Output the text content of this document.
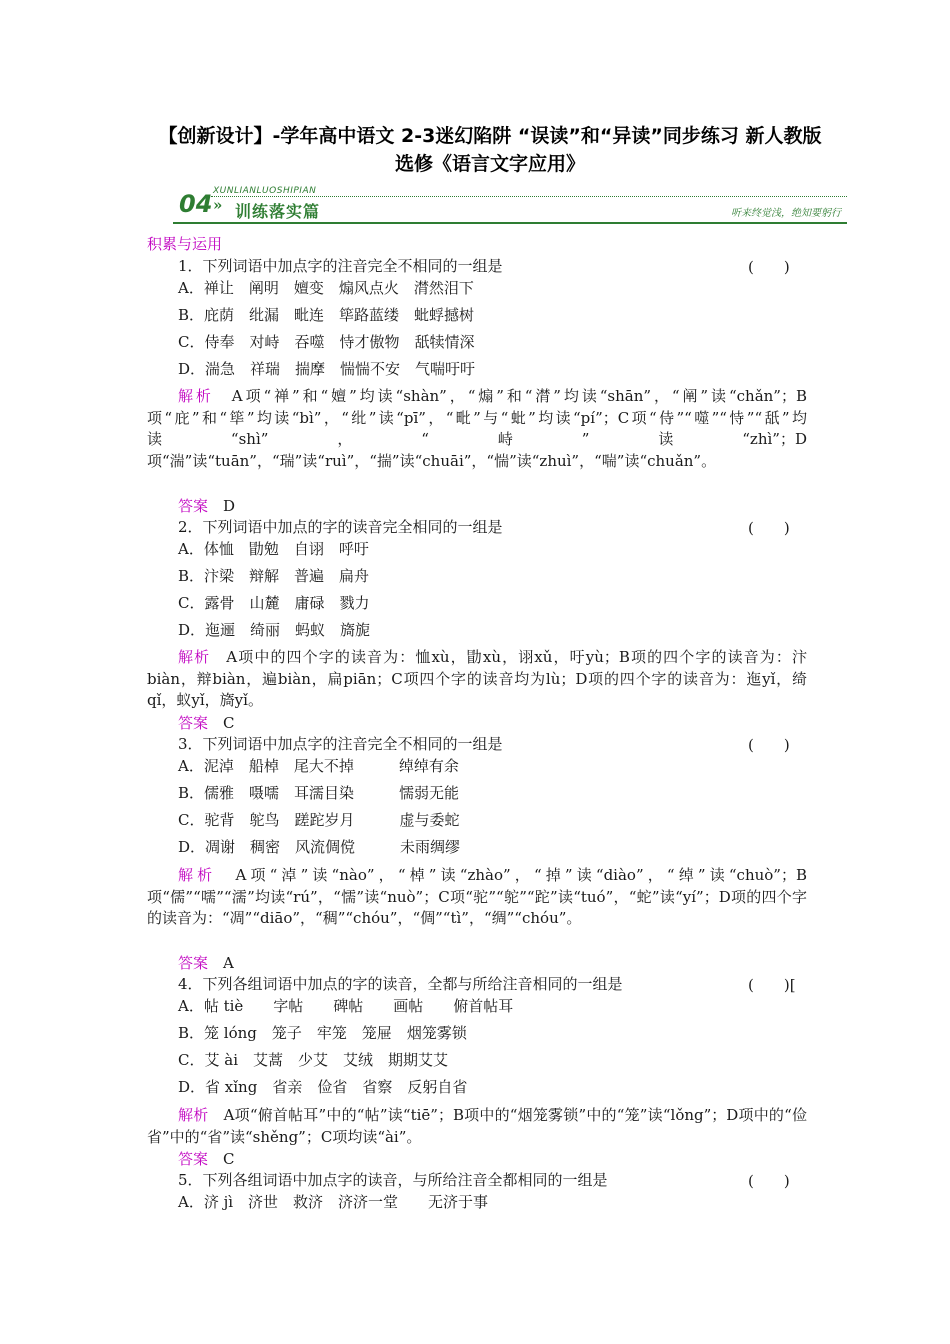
【创新设计】-学年高中语文 2-3迷幻陷阱 “误读”和“异读”同步练习 新人教版选修《语言文字应用》
04 XUNLIANLUOSHIPIAN
» 训练落实篇	听来终觉浅，绝知要躬行
积累与运用
1．下列词语中加点字的注音完全不相同的一组是	(　　)
A．禅让　阐明　嬗变　煽风点火　潸然泪下
B．庇荫　纰漏　毗连　筚路蓝缕　蚍蜉撼树
C．侍奉　对峙　吞噬　恃才傲物　舐犊情深
D．湍急　祥瑞　揣摩　惴惴不安　气喘吁吁
解析　A项“禅”和“嬗”均读“shàn”，“煽”和“潸”均读“shān”，“阐”读“chǎn”；B项“庇”和“筚”均读“bì”，“纰”读“pī”，“毗”与“蚍”均读“pí”；C项“侍”“噬”“恃”“舐”均读“shì”，“峙”读“zhì”；D项“湍”读“tuān”，“瑞”读“ruì”，“揣”读“chuāi”，“惴”读“zhuì”，“喘”读“chuǎn”。
答案　D
2．下列词语中加点的字的读音完全相同的一组是	(　　)
A．体恤　勖勉　自诩　呼吁
B．汴梁　辩解　普遍　扁舟
C．露骨　山麓　庸碌　戮力
D．迤逦　绮丽　蚂蚁　旖旎
解析　A项中的四个字的读音为：恤xù，勖xù，诩xǔ，吁yù；B项的四个字的读音为：汴biàn，辩biàn，遍biàn，扁piān；C项四个字的读音均为lù；D项的四个字的读音为：迤yǐ，绮qǐ，蚁yǐ，旖yǐ。
答案　C
3．下列词语中加点字的注音完全不相同的一组是	(　　)
A．泥淖　船棹　尾大不掉　　　绰绰有余
B．儒雅　嗫嚅　耳濡目染　　　懦弱无能
C．驼背　鸵鸟　蹉跎岁月　　　虚与委蛇
D．凋谢　稠密　风流倜傥　　　未雨绸缪
解析　A项“淖”读“nào”，“棹”读“zhào”，“掉”读“diào”，“绰”读“chuò”；B项“儒”“嚅”“濡”均读“rú”，“懦”读“nuò”；C项“驼”“鸵”“跎”读“tuó”，“蛇”读“yí”；D项的四个字的读音为：“凋”“diāo”，“稠”“chóu”，“倜”“tì”，“绸”“chóu”。
答案　A
4．下列各组词语中加点的字的读音，全都与所给注音相同的一组是	(　　)[
A．帖 tiè　　字帖　　碑帖　　画帖　　俯首帖耳
B．笼 lóng　笼子　牢笼　笼屉　烟笼雾锁
C．艾 ài　艾蒿　少艾　艾绒　期期艾艾
D．省 xǐng　省亲　俭省　省察　反躬自省
解析　A项“俯首帖耳”中的“帖”读“tiē”；B项中的“烟笼雾锁”中的“笼”读“lǒng”；D项中的“俭省”中的“省”读“shěng”；C项均读“ài”。
答案　C
5．下列各组词语中加点字的读音，与所给注音全都相同的一组是	(　　)
A．济 jì　济世　救济　济济一堂　　无济于事
